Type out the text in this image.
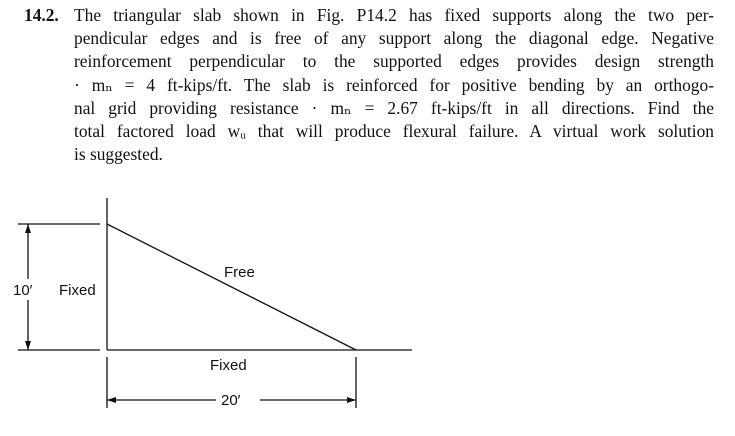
14.2. The triangular slab shown in Fig. P14.2 has fixed supports along the two per-
pendicular edges and is free of any support along the diagonal edge. Negative
reinforcement perpendicular to the supported edges provides design strength
· mₙ = 4 ft-kips/ft. The slab is reinforced for positive bending by an orthogo-
nal grid providing resistance · mₙ = 2.67 ft-kips/ft in all directions. Find the
total factored load wᵤ that will produce flexural failure. A virtual work solution
is suggested.
Free
Fixed
Fixed
10′
20′
